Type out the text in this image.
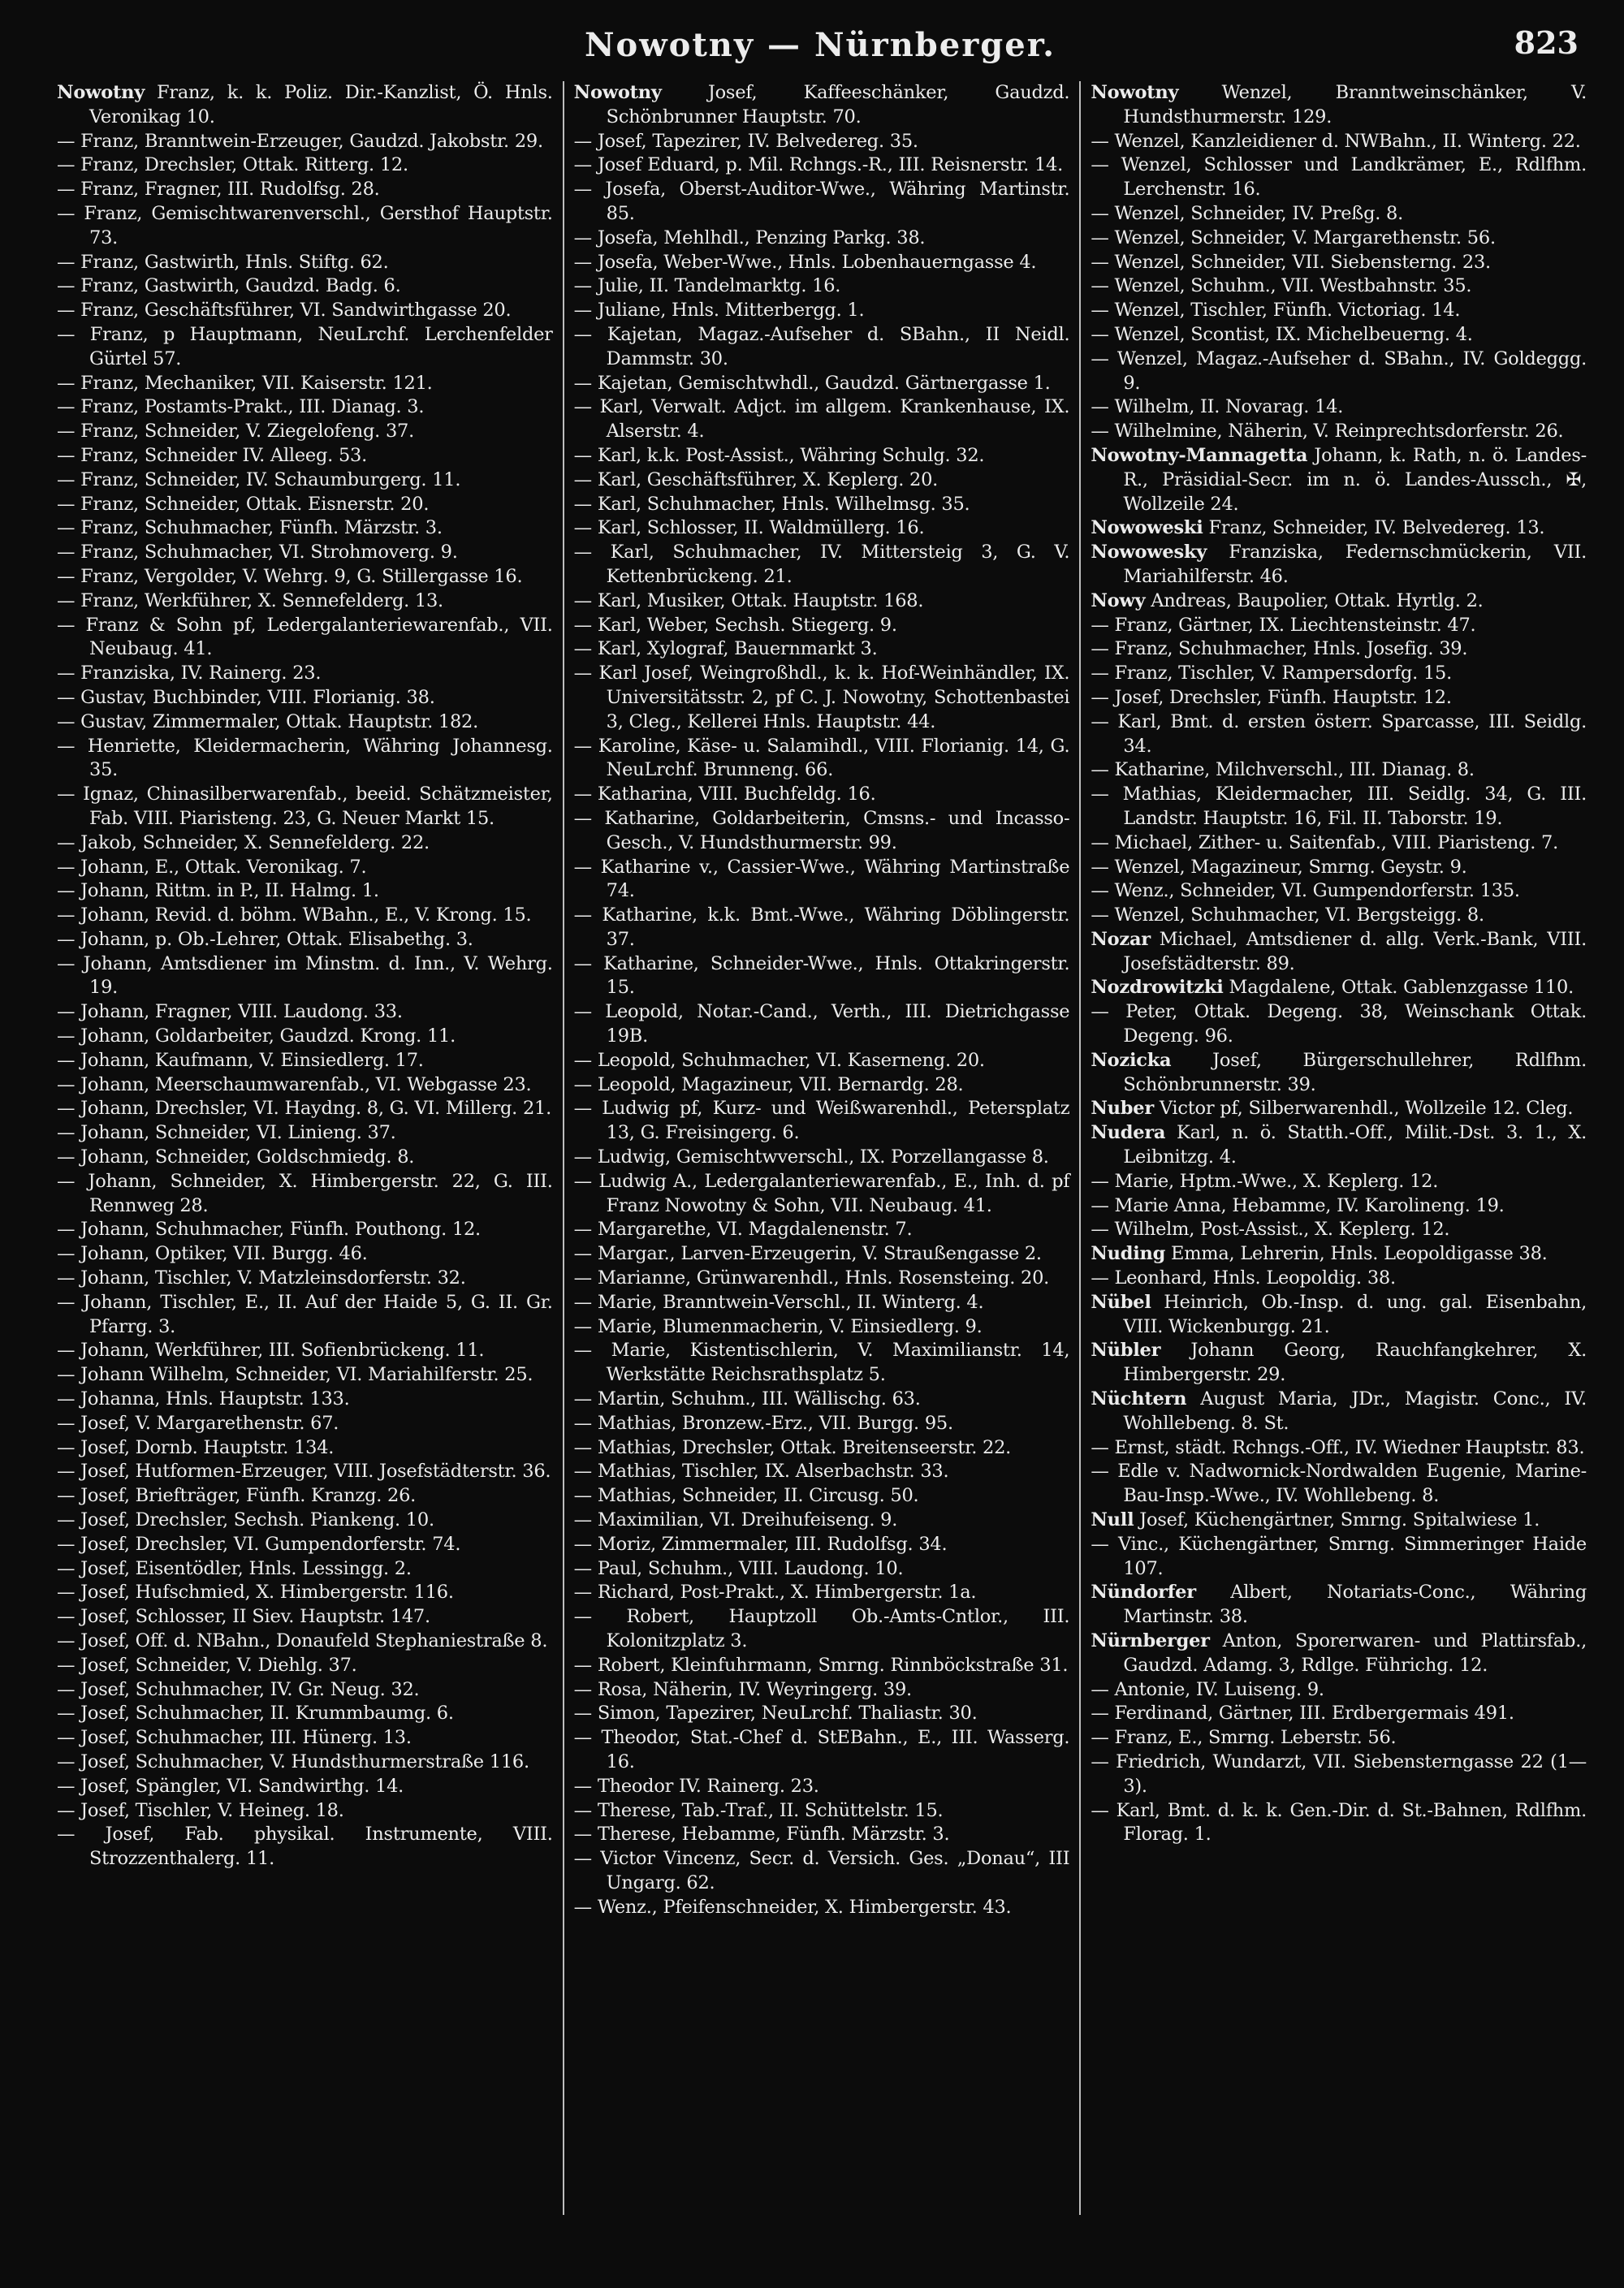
Nowotny — Nürnberger.	823

Nowotny Franz, k. k. Poliz. Dir.-Kanzlist, Ö. Hnls. Veronikag 10.

— Franz, Branntwein-Erzeuger, Gaudzd. Jakobstr. 29.

— Franz, Drechsler, Ottak. Ritterg. 12.

— Franz, Fragner, III. Rudolfsg. 28.

— Franz, Gemischtwarenverschl., Gersthof Hauptstr. 73.

— Franz, Gastwirth, Hnls. Stiftg. 62.

— Franz, Gastwirth, Gaudzd. Badg. 6.

— Franz, Geschäftsführer, VI. Sandwirthgasse 20.

— Franz, p Hauptmann, NeuLrchf. Lerchenfelder Gürtel 57.

— Franz, Mechaniker, VII. Kaiserstr. 121.

— Franz, Postamts-Prakt., III. Dianag. 3.

— Franz, Schneider, V. Ziegelofeng. 37.

— Franz, Schneider IV. Alleeg. 53.

— Franz, Schneider, IV. Schaumburgerg. 11.

— Franz, Schneider, Ottak. Eisnerstr. 20.

— Franz, Schuhmacher, Fünfh. Märzstr. 3.

— Franz, Schuhmacher, VI. Strohmoverg. 9.

— Franz, Vergolder, V. Wehrg. 9, G. Stillergasse 16.

— Franz, Werkführer, X. Sennefelderg. 13.

— Franz & Sohn pf, Ledergalanteriewarenfab., VII. Neubaug. 41.

— Franziska, IV. Rainerg. 23.

— Gustav, Buchbinder, VIII. Florianig. 38.

— Gustav, Zimmermaler, Ottak. Hauptstr. 182.

— Henriette, Kleidermacherin, Währing Johannesg. 35.

— Ignaz, Chinasilberwarenfab., beeid. Schätzmeister, Fab. VIII. Piaristeng. 23, G. Neuer Markt 15.

— Jakob, Schneider, X. Sennefelderg. 22.

— Johann, E., Ottak. Veronikag. 7.

— Johann, Rittm. in P., II. Halmg. 1.

— Johann, Revid. d. böhm. WBahn., E., V. Krong. 15.

— Johann, p. Ob.-Lehrer, Ottak. Elisabethg. 3.

— Johann, Amtsdiener im Minstm. d. Inn., V. Wehrg. 19.

— Johann, Fragner, VIII. Laudong. 33.

— Johann, Goldarbeiter, Gaudzd. Krong. 11.

— Johann, Kaufmann, V. Einsiedlerg. 17.

— Johann, Meerschaumwarenfab., VI. Webgasse 23.

— Johann, Drechsler, VI. Haydng. 8, G. VI. Millerg. 21.

— Johann, Schneider, VI. Linieng. 37.

— Johann, Schneider, Goldschmiedg. 8.

— Johann, Schneider, X. Himbergerstr. 22, G. III. Rennweg 28.

— Johann, Schuhmacher, Fünfh. Pouthong. 12.

— Johann, Optiker, VII. Burgg. 46.

— Johann, Tischler, V. Matzleinsdorferstr. 32.

— Johann, Tischler, E., II. Auf der Haide 5, G. II. Gr. Pfarrg. 3.

— Johann, Werkführer, III. Sofienbrückeng. 11.

— Johann Wilhelm, Schneider, VI. Mariahilferstr. 25.

— Johanna, Hnls. Hauptstr. 133.

— Josef, V. Margarethenstr. 67.

— Josef, Dornb. Hauptstr. 134.

— Josef, Hutformen-Erzeuger, VIII. Josefstädterstr. 36.

— Josef, Briefträger, Fünfh. Kranzg. 26.

— Josef, Drechsler, Sechsh. Piankeng. 10.

— Josef, Drechsler, VI. Gumpendorferstr. 74.

— Josef, Eisentödler, Hnls. Lessingg. 2.

— Josef, Hufschmied, X. Himbergerstr. 116.

— Josef, Schlosser, II Siev. Hauptstr. 147.

— Josef, Off. d. NBahn., Donaufeld Stephaniestraße 8.

— Josef, Schneider, V. Diehlg. 37.

— Josef, Schuhmacher, IV. Gr. Neug. 32.

— Josef, Schuhmacher, II. Krummbaumg. 6.

— Josef, Schuhmacher, III. Hünerg. 13.

— Josef, Schuhmacher, V. Hundsthurmerstraße 116.

— Josef, Spängler, VI. Sandwirthg. 14.

— Josef, Tischler, V. Heineg. 18.

— Josef, Fab. physikal. Instrumente, VIII. Strozzenthalerg. 11.

Nowotny Josef, Kaffeeschänker, Gaudzd. Schönbrunner Hauptstr. 70.

— Josef, Tapezirer, IV. Belvedereg. 35.

— Josef Eduard, p. Mil. Rchngs.-R., III. Reisnerstr. 14.

— Josefa, Oberst-Auditor-Wwe., Währing Martinstr. 85.

— Josefa, Mehlhdl., Penzing Parkg. 38.

— Josefa, Weber-Wwe., Hnls. Lobenhauerngasse 4.

— Julie, II. Tandelmarktg. 16.

— Juliane, Hnls. Mitterbergg. 1.

— Kajetan, Magaz.-Aufseher d. SBahn., II Neidl. Dammstr. 30.

— Kajetan, Gemischtwhdl., Gaudzd. Gärtnergasse 1.

— Karl, Verwalt. Adjct. im allgem. Krankenhause, IX. Alserstr. 4.

— Karl, k.k. Post-Assist., Währing Schulg. 32.

— Karl, Geschäftsführer, X. Keplerg. 20.

— Karl, Schuhmacher, Hnls. Wilhelmsg. 35.

— Karl, Schlosser, II. Waldmüllerg. 16.

— Karl, Schuhmacher, IV. Mittersteig 3, G. V. Kettenbrückeng. 21.

— Karl, Musiker, Ottak. Hauptstr. 168.

— Karl, Weber, Sechsh. Stiegerg. 9.

— Karl, Xylograf, Bauernmarkt 3.

— Karl Josef, Weingroßhdl., k. k. Hof-Weinhändler, IX. Universitätsstr. 2, pf C. J. Nowotny, Schottenbastei 3, Cleg., Kellerei Hnls. Hauptstr. 44.

— Karoline, Käse- u. Salamihdl., VIII. Florianig. 14, G. NeuLrchf. Brunneng. 66.

— Katharina, VIII. Buchfeldg. 16.

— Katharine, Goldarbeiterin, Cmsns.- und Incasso-Gesch., V. Hundsthurmerstr. 99.

— Katharine v., Cassier-Wwe., Währing Martinstraße 74.

— Katharine, k.k. Bmt.-Wwe., Währing Döblingerstr. 37.

— Katharine, Schneider-Wwe., Hnls. Ottakringerstr. 15.

— Leopold, Notar.-Cand., Verth., III. Dietrichgasse 19B.

— Leopold, Schuhmacher, VI. Kaserneng. 20.

— Leopold, Magazineur, VII. Bernardg. 28.

— Ludwig pf, Kurz- und Weißwarenhdl., Petersplatz 13, G. Freisingerg. 6.

— Ludwig, Gemischtwverschl., IX. Porzellangasse 8.

— Ludwig A., Ledergalanteriewarenfab., E., Inh. d. pf Franz Nowotny & Sohn, VII. Neubaug. 41.

— Margarethe, VI. Magdalenenstr. 7.

— Margar., Larven-Erzeugerin, V. Straußengasse 2.

— Marianne, Grünwarenhdl., Hnls. Rosensteing. 20.

— Marie, Branntwein-Verschl., II. Winterg. 4.

— Marie, Blumenmacherin, V. Einsiedlerg. 9.

— Marie, Kistentischlerin, V. Maximilianstr. 14, Werkstätte Reichsrathsplatz 5.

— Martin, Schuhm., III. Wällischg. 63.

— Mathias, Bronzew.-Erz., VII. Burgg. 95.

— Mathias, Drechsler, Ottak. Breitenseerstr. 22.

— Mathias, Tischler, IX. Alserbachstr. 33.

— Mathias, Schneider, II. Circusg. 50.

— Maximilian, VI. Dreihufeiseng. 9.

— Moriz, Zimmermaler, III. Rudolfsg. 34.

— Paul, Schuhm., VIII. Laudong. 10.

— Richard, Post-Prakt., X. Himbergerstr. 1a.

— Robert, Hauptzoll Ob.-Amts-Cntlor., III. Kolonitzplatz 3.

— Robert, Kleinfuhrmann, Smrng. Rinnböckstraße 31.

— Rosa, Näherin, IV. Weyringerg. 39.

— Simon, Tapezirer, NeuLrchf. Thaliastr. 30.

— Theodor, Stat.-Chef d. StEBahn., E., III. Wasserg. 16.

— Theodor IV. Rainerg. 23.

— Therese, Tab.-Traf., II. Schüttelstr. 15.

— Therese, Hebamme, Fünfh. Märzstr. 3.

— Victor Vincenz, Secr. d. Versich. Ges. „Donau“, III Ungarg. 62.

— Wenz., Pfeifenschneider, X. Himbergerstr. 43.

Nowotny Wenzel, Branntweinschänker, V. Hundsthurmerstr. 129.

— Wenzel, Kanzleidiener d. NWBahn., II. Winterg. 22.

— Wenzel, Schlosser und Landkrämer, E., Rdlfhm. Lerchenstr. 16.

— Wenzel, Schneider, IV. Preßg. 8.

— Wenzel, Schneider, V. Margarethenstr. 56.

— Wenzel, Schneider, VII. Siebensterng. 23.

— Wenzel, Schuhm., VII. Westbahnstr. 35.

— Wenzel, Tischler, Fünfh. Victoriag. 14.

— Wenzel, Scontist, IX. Michelbeuerng. 4.

— Wenzel, Magaz.-Aufseher d. SBahn., IV. Goldeggg. 9.

— Wilhelm, II. Novarag. 14.

— Wilhelmine, Näherin, V. Reinprechtsdorferstr. 26.

Nowotny-Mannagetta Johann, k. Rath, n. ö. Landes-R., Präsidial-Secr. im n. ö. Landes-Aussch., ✠, Wollzeile 24.

Nowoweski Franz, Schneider, IV. Belvedereg. 13.

Nowowesky Franziska, Federnschmückerin, VII. Mariahilferstr. 46.

Nowy Andreas, Baupolier, Ottak. Hyrtlg. 2.

— Franz, Gärtner, IX. Liechtensteinstr. 47.

— Franz, Schuhmacher, Hnls. Josefig. 39.

— Franz, Tischler, V. Rampersdorfg. 15.

— Josef, Drechsler, Fünfh. Hauptstr. 12.

— Karl, Bmt. d. ersten österr. Sparcasse, III. Seidlg. 34.

— Katharine, Milchverschl., III. Dianag. 8.

— Mathias, Kleidermacher, III. Seidlg. 34, G. III. Landstr. Hauptstr. 16, Fil. II. Taborstr. 19.

— Michael, Zither- u. Saitenfab., VIII. Piaristeng. 7.

— Wenzel, Magazineur, Smrng. Geystr. 9.

— Wenz., Schneider, VI. Gumpendorferstr. 135.

— Wenzel, Schuhmacher, VI. Bergsteigg. 8.

Nozar Michael, Amtsdiener d. allg. Verk.-Bank, VIII. Josefstädterstr. 89.

Nozdrowitzki Magdalene, Ottak. Gablenzgasse 110.

— Peter, Ottak. Degeng. 38, Weinschank Ottak. Degeng. 96.

Nozicka Josef, Bürgerschullehrer, Rdlfhm. Schönbrunnerstr. 39.

Nuber Victor pf, Silberwarenhdl., Wollzeile 12. Cleg.

Nudera Karl, n. ö. Statth.-Off., Milit.-Dst. 3. 1., X. Leibnitzg. 4.

— Marie, Hptm.-Wwe., X. Keplerg. 12.

— Marie Anna, Hebamme, IV. Karolineng. 19.

— Wilhelm, Post-Assist., X. Keplerg. 12.

Nuding Emma, Lehrerin, Hnls. Leopoldigasse 38.

— Leonhard, Hnls. Leopoldig. 38.

Nübel Heinrich, Ob.-Insp. d. ung. gal. Eisenbahn, VIII. Wickenburgg. 21.

Nübler Johann Georg, Rauchfangkehrer, X. Himbergerstr. 29.

Nüchtern August Maria, JDr., Magistr. Conc., IV. Wohllebeng. 8. St.

— Ernst, städt. Rchngs.-Off., IV. Wiedner Hauptstr. 83.

— Edle v. Nadwornick-Nordwalden Eugenie, Marine-Bau-Insp.-Wwe., IV. Wohllebeng. 8.

Null Josef, Küchengärtner, Smrng. Spitalwiese 1.

— Vinc., Küchengärtner, Smrng. Simmeringer Haide 107.

Nündorfer Albert, Notariats-Conc., Währing Martinstr. 38.

Nürnberger Anton, Sporerwaren- und Plattirsfab., Gaudzd. Adamg. 3, Rdlge. Führichg. 12.

— Antonie, IV. Luiseng. 9.

— Ferdinand, Gärtner, III. Erdbergermais 491.

— Franz, E., Smrng. Leberstr. 56.

— Friedrich, Wundarzt, VII. Siebensterngasse 22 (1—3).

— Karl, Bmt. d. k. k. Gen.-Dir. d. St.-Bahnen, Rdlfhm. Florag. 1.
